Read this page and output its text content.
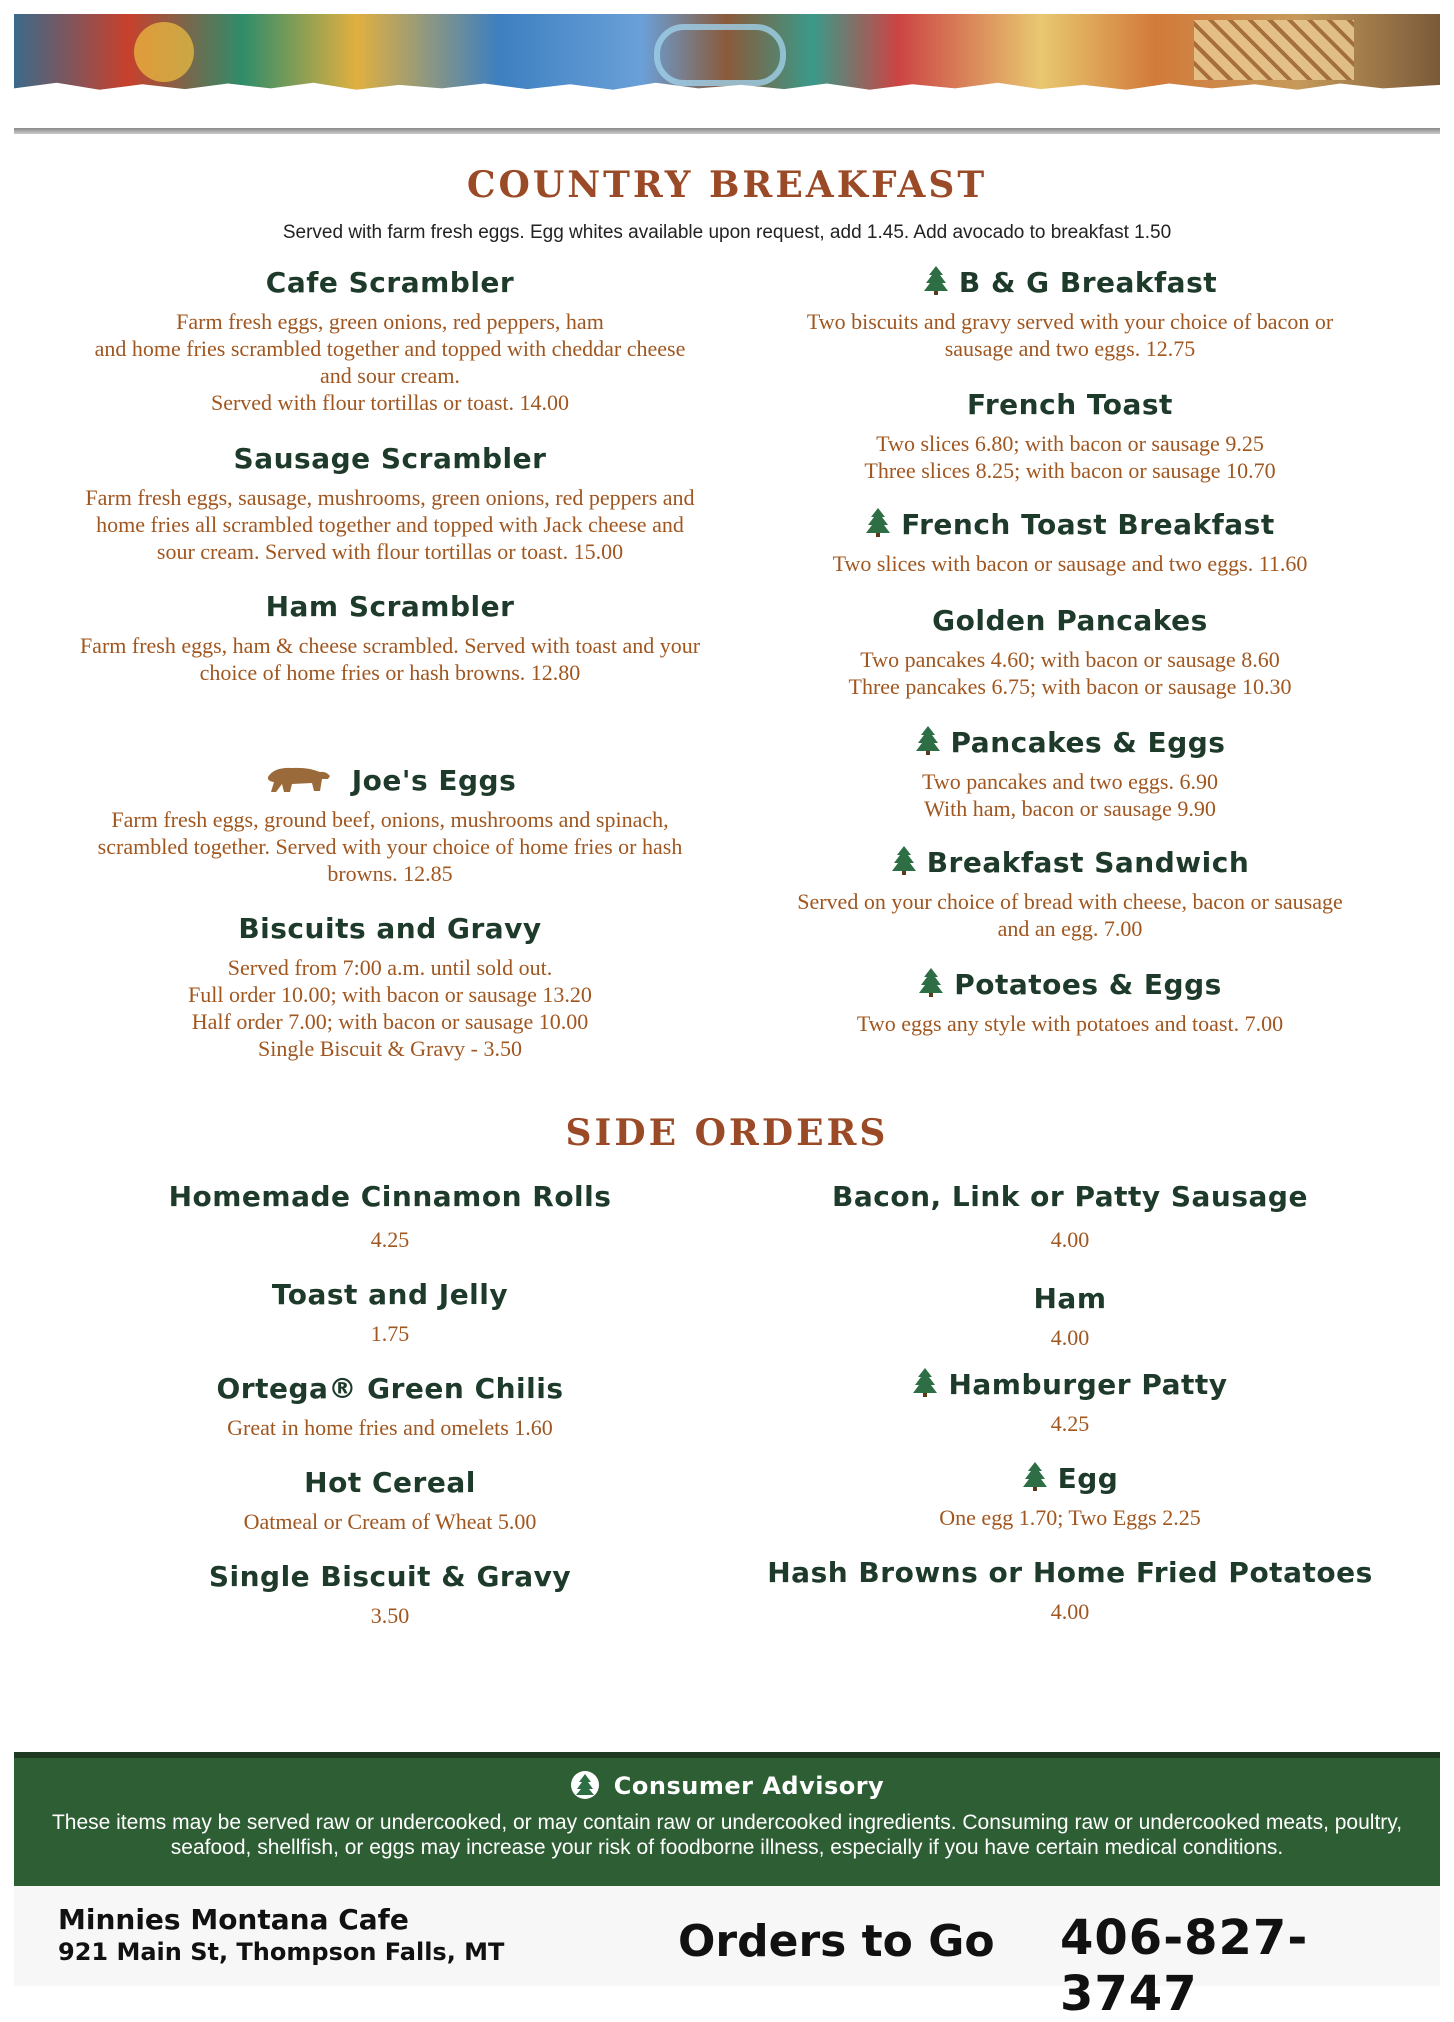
COUNTRY BREAKFAST
Served with farm fresh eggs. Egg whites available upon request, add 1.45. Add avocado to breakfast 1.50
Cafe Scrambler
Farm fresh eggs, green onions, red peppers, ham
and home fries scrambled together and topped with cheddar cheese
and sour cream.
Served with flour tortillas or toast. 14.00
Sausage Scrambler
Farm fresh eggs, sausage, mushrooms, green onions, red peppers and
home fries all scrambled together and topped with Jack cheese and
sour cream. Served with flour tortillas or toast. 15.00
Ham Scrambler
Farm fresh eggs, ham & cheese scrambled. Served with toast and your
choice of home fries or hash browns. 12.80
Joe's Eggs
Farm fresh eggs, ground beef, onions, mushrooms and spinach,
scrambled together. Served with your choice of home fries or hash
browns. 12.85
Biscuits and Gravy
Served from 7:00 a.m. until sold out.
Full order 10.00; with bacon or sausage 13.20
Half order 7.00; with bacon or sausage 10.00
Single Biscuit & Gravy - 3.50
B & G Breakfast
Two biscuits and gravy served with your choice of bacon or
sausage and two eggs. 12.75
French Toast
Two slices 6.80; with bacon or sausage 9.25
Three slices 8.25; with bacon or sausage 10.70
French Toast Breakfast
Two slices with bacon or sausage and two eggs. 11.60
Golden Pancakes
Two pancakes 4.60; with bacon or sausage 8.60
Three pancakes 6.75; with bacon or sausage 10.30
Pancakes & Eggs
Two pancakes and two eggs. 6.90
With ham, bacon or sausage 9.90
Breakfast Sandwich
Served on your choice of bread with cheese, bacon or sausage
and an egg. 7.00
Potatoes & Eggs
Two eggs any style with potatoes and toast. 7.00
SIDE ORDERS
Homemade Cinnamon Rolls
4.25
Toast and Jelly
1.75
Ortega® Green Chilis
Great in home fries and omelets 1.60
Hot Cereal
Oatmeal or Cream of Wheat 5.00
Single Biscuit & Gravy
3.50
Bacon, Link or Patty Sausage
4.00
Ham
4.00
Hamburger Patty
4.25
Egg
One egg 1.70; Two Eggs 2.25
Hash Browns or Home Fried Potatoes
4.00
Consumer Advisory
These items may be served raw or undercooked, or may contain raw or undercooked ingredients. Consuming raw or undercooked meats, poultry, seafood, shellfish, or eggs may increase your risk of foodborne illness, especially if you have certain medical conditions.
Minnies Montana Cafe
921 Main St, Thompson Falls, MT	Orders to Go 406-827-3747
